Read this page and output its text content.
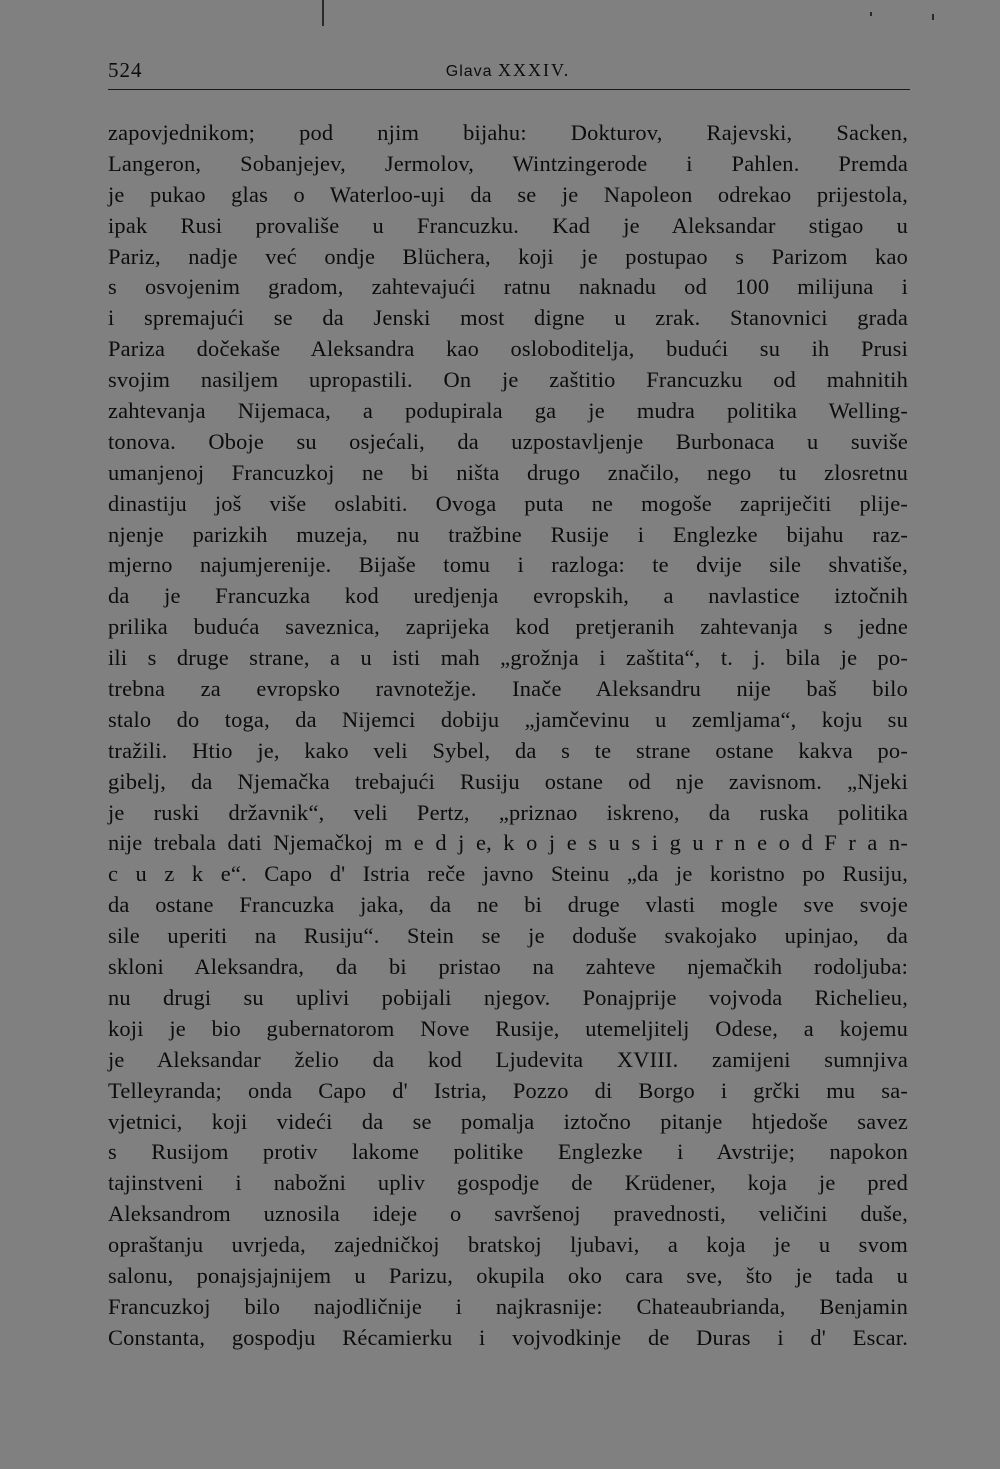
524	Glava XXXIV.
zapovjednikom; pod njim bijahu: Dokturov, Rajevski, Sacken,
Langeron, Sobanjejev, Jermolov, Wintzingerode i Pahlen. Premda
je pukao glas o Waterloo-uȷi da se je Napoleon odrekao prijestola,
ipak Rusi provališe u Francuzku. Kad je Aleksandar stigao u
Pariz, nadje već ondje Blüchera, koji je postupao s Parizom kao
s osvojenim gradom, zahtevajući ratnu naknadu od 100 milijuna i
i spremajući se da Jenski most digne u zrak. Stanovnici grada
Pariza dočekaše Aleksandra kao osloboditelja, budući su ih Prusi
svojim nasiljem upropastili. On je zaštitio Francuzku od mahnitih
zahtevanja Nijemaca, a podupirala ga je mudra politika Welling-
tonova. Oboje su osjećali, da uzpostavljenje Burbonaca u suviše
umanjenoj Francuzkoj ne bi ništa drugo značilo, nego tu zlosretnu
dinastiju još više oslabiti. Ovoga puta ne mogoše zapriječiti plije-
njenje parizkih muzeja, nu tražbine Rusije i Englezke bijahu raz-
mjerno najumjerenije. Bijaše tomu i razloga: te dvije sile shvatiše,
da je Francuzka kod uredjenja evropskih, a navlastice iztočnih
prilika buduća saveznica, zaprijeka kod pretjeranih zahtevanja s jedne
ili s druge strane, a u isti mah „grožnja i zaštita“, t. j. bila je po-
trebna za evropsko ravnotežje. Inače Aleksandru nije baš bilo
stalo do toga, da Nijemci dobiju „jamčevinu u zemljama“, koju su
tražili. Htio je, kako veli Sybel, da s te strane ostane kakva po-
gibelj, da Njemačka trebajući Rusiju ostane od nje zavisnom. „Njeki
je ruski državnik“, veli Pertz, „priznao iskreno, da ruska politika
nije trebala dati Njemačkoj m e d j e, k o j e s u s i g u r n e o d F r a n-
c u z k e“. Capo d' Istria reče javno Steinu „da je koristno po Rusiju,
da ostane Francuzka jaka, da ne bi druge vlasti mogle sve svoje
sile uperiti na Rusiju“. Stein se je doduše svakojako upinjao, da
skloni Aleksandra, da bi pristao na zahteve njemačkih rodoljuba:
nu drugi su uplivi pobijali njegov. Ponajprije vojvoda Richelieu,
koji je bio gubernatorom Nove Rusije, utemeljitelj Odese, a kojemu
je Aleksandar želio da kod Ljudevita XVIII. zamijeni sumnjiva
Telleyranda; onda Capo d' Istria, Pozzo di Borgo i grčki mu sa-
vjetnici, koji videći da se pomalja iztočno pitanje htjedoše savez
s Rusijom protiv lakome politike Englezke i Avstrije; napokon
tajinstveni i nabožni upliv gospodje de Krüdener, koja je pred
Aleksandrom uznosila ideje o savršenoj pravednosti, veličini duše,
opraštanju uvrjeda, zajedničkoj bratskoj ljubavi, a koja je u svom
salonu, ponajsjajnijem u Parizu, okupila oko cara sve, što je tada u
Francuzkoj bilo najodličnije i najkrasnije: Chateaubrianda, Benjamin
Constanta, gospodju Récamierku i vojvodkinje de Duras i d' Escar.
